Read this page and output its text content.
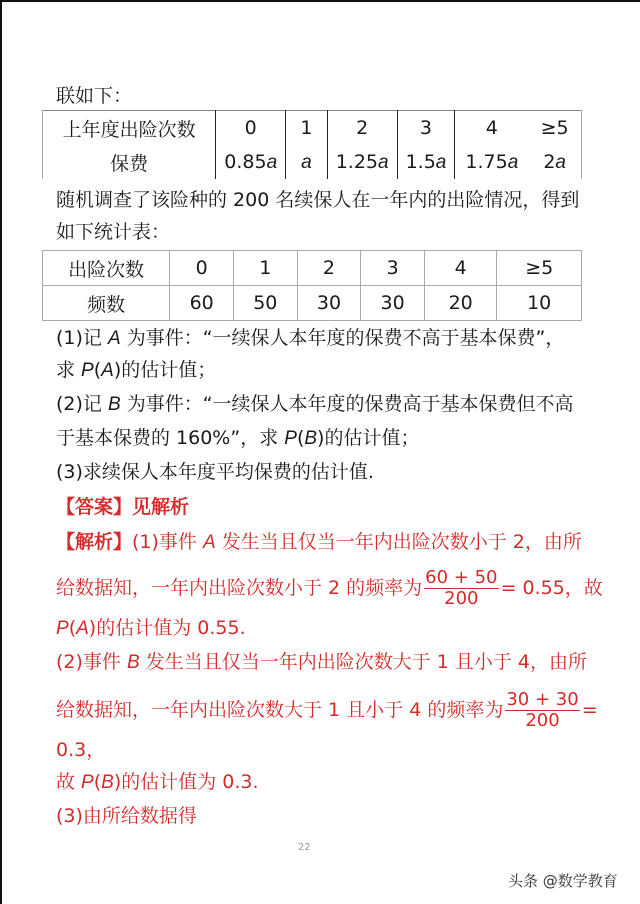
联如下：
上年度出险次数	0	1	2	3	4	≥5
保费	0.85a	a	1.25a	1.5a	1.75a	2a
随机调查了该险种的 200 名续保人在一年内的出险情况，得到
如下统计表：
出险次数	0	1	2	3	4	≥5
频数	60	50	30	30	20	10
(1)记 A 为事件：“一续保人本年度的保费不高于基本保费”，
求 P(A)的估计值；
(2)记 B 为事件：“一续保人本年度的保费高于基本保费但不高
于基本保费的 160%”，求 P(B)的估计值；
(3)求续保人本年度平均保费的估计值.
【答案】见解析
【解析】(1)事件 A 发生当且仅当一年内出险次数小于 2，由所
给数据知，一年内出险次数小于 2 的频率为 $\frac{60 + 50}{200} = 0.55$，故
P(A)的估计值为 0.55.
(2)事件 B 发生当且仅当一年内出险次数大于 1 且小于 4，由所
给数据知，一年内出险次数大于 1 且小于 4 的频率为 $\frac{30 + 30}{200}$ =
0.3，
故 P(B)的估计值为 0.3.
(3)由所给数据得
22
头条 @数学教育
